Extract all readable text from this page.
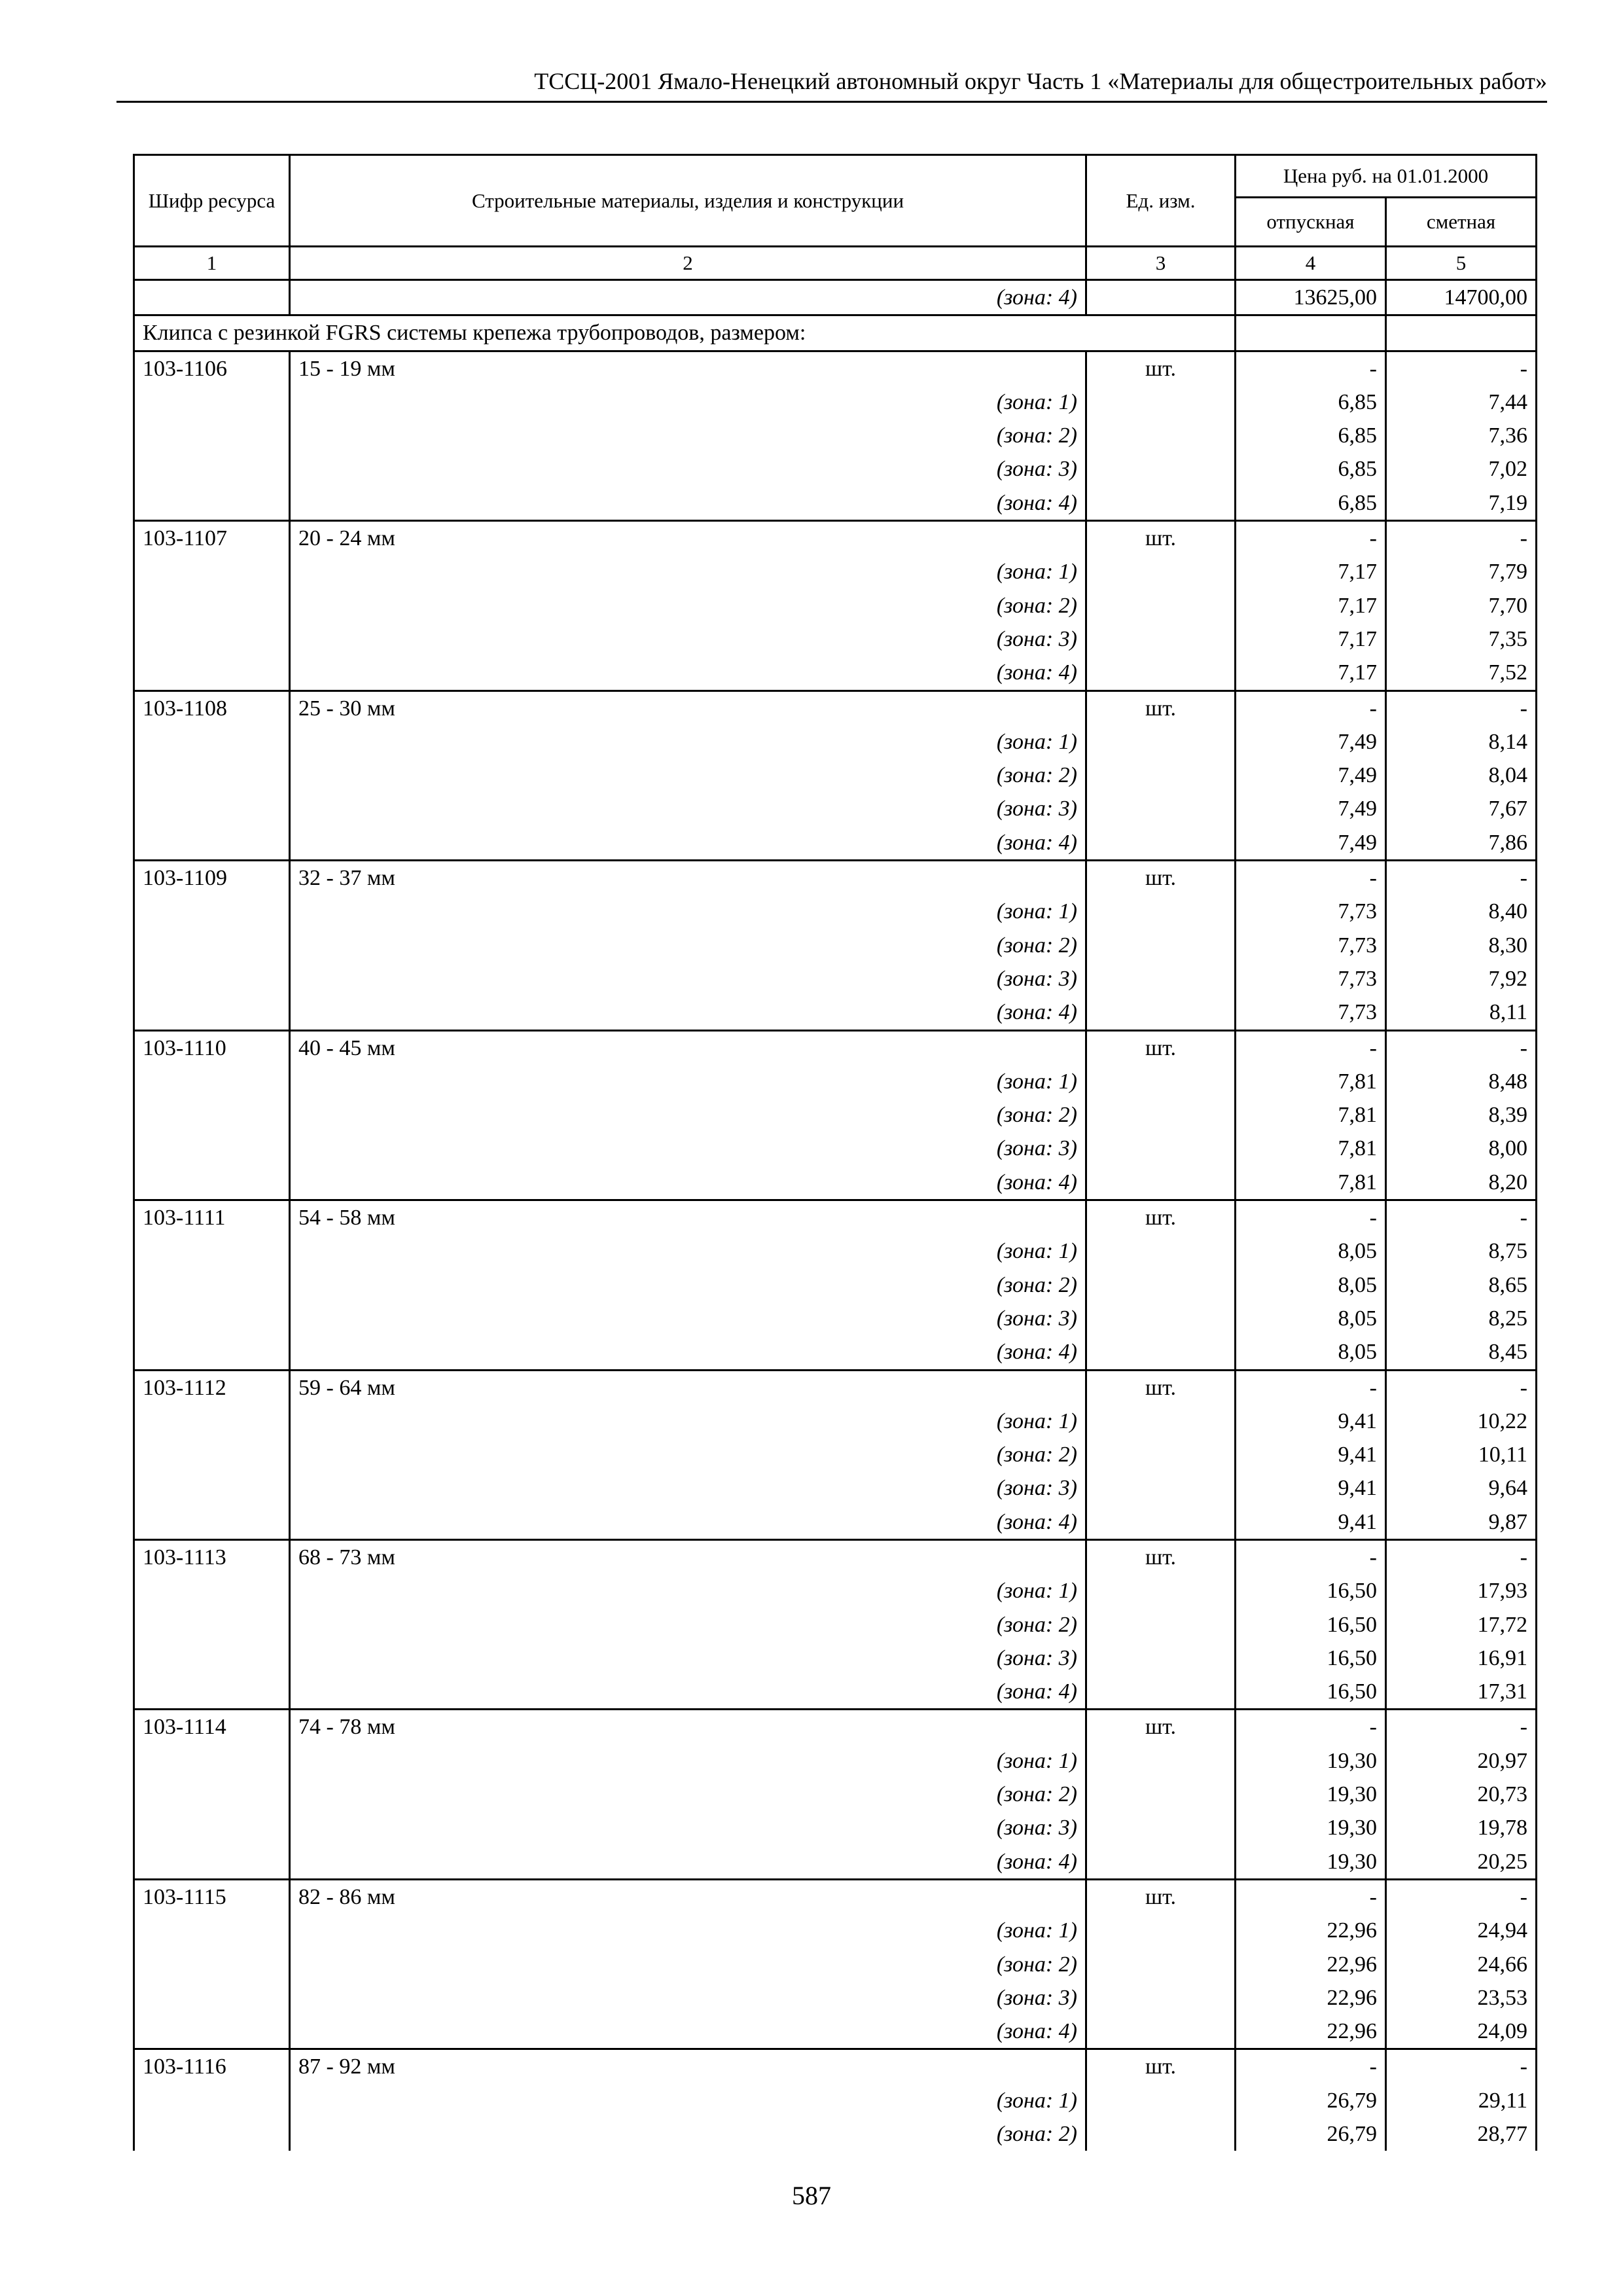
ТССЦ-2001 Ямало-Ненецкий автономный округ Часть 1 «Материалы для общестроительных работ»
Шифр ресурса	Строительные материалы, изделия и конструкции	Ед. изм.	Цена руб. на 01.01.2000	
			отпускная	сметная
1	2	3	4	5
	(зона: 4)		13625,00	14700,00
Клипса с резинкой FGRS системы крепежа трубопроводов, размером:				
103-1106	15 - 19 мм	шт.	-	-
	(зона: 1)		6,85	7,44
	(зона: 2)		6,85	7,36
	(зона: 3)		6,85	7,02
	(зона: 4)		6,85	7,19
103-1107	20 - 24 мм	шт.	-	-
	(зона: 1)		7,17	7,79
	(зона: 2)		7,17	7,70
	(зона: 3)		7,17	7,35
	(зона: 4)		7,17	7,52
103-1108	25 - 30 мм	шт.	-	-
	(зона: 1)		7,49	8,14
	(зона: 2)		7,49	8,04
	(зона: 3)		7,49	7,67
	(зона: 4)		7,49	7,86
103-1109	32 - 37 мм	шт.	-	-
	(зона: 1)		7,73	8,40
	(зона: 2)		7,73	8,30
	(зона: 3)		7,73	7,92
	(зона: 4)		7,73	8,11
103-1110	40 - 45 мм	шт.	-	-
	(зона: 1)		7,81	8,48
	(зона: 2)		7,81	8,39
	(зона: 3)		7,81	8,00
	(зона: 4)		7,81	8,20
103-1111	54 - 58 мм	шт.	-	-
	(зона: 1)		8,05	8,75
	(зона: 2)		8,05	8,65
	(зона: 3)		8,05	8,25
	(зона: 4)		8,05	8,45
103-1112	59 - 64 мм	шт.	-	-
	(зона: 1)		9,41	10,22
	(зона: 2)		9,41	10,11
	(зона: 3)		9,41	9,64
	(зона: 4)		9,41	9,87
103-1113	68 - 73 мм	шт.	-	-
	(зона: 1)		16,50	17,93
	(зона: 2)		16,50	17,72
	(зона: 3)		16,50	16,91
	(зона: 4)		16,50	17,31
103-1114	74 - 78 мм	шт.	-	-
	(зона: 1)		19,30	20,97
	(зона: 2)		19,30	20,73
	(зона: 3)		19,30	19,78
	(зона: 4)		19,30	20,25
103-1115	82 - 86 мм	шт.	-	-
	(зона: 1)		22,96	24,94
	(зона: 2)		22,96	24,66
	(зона: 3)		22,96	23,53
	(зона: 4)		22,96	24,09
103-1116	87 - 92 мм	шт.	-	-
	(зона: 1)		26,79	29,11
	(зона: 2)		26,79	28,77
587
